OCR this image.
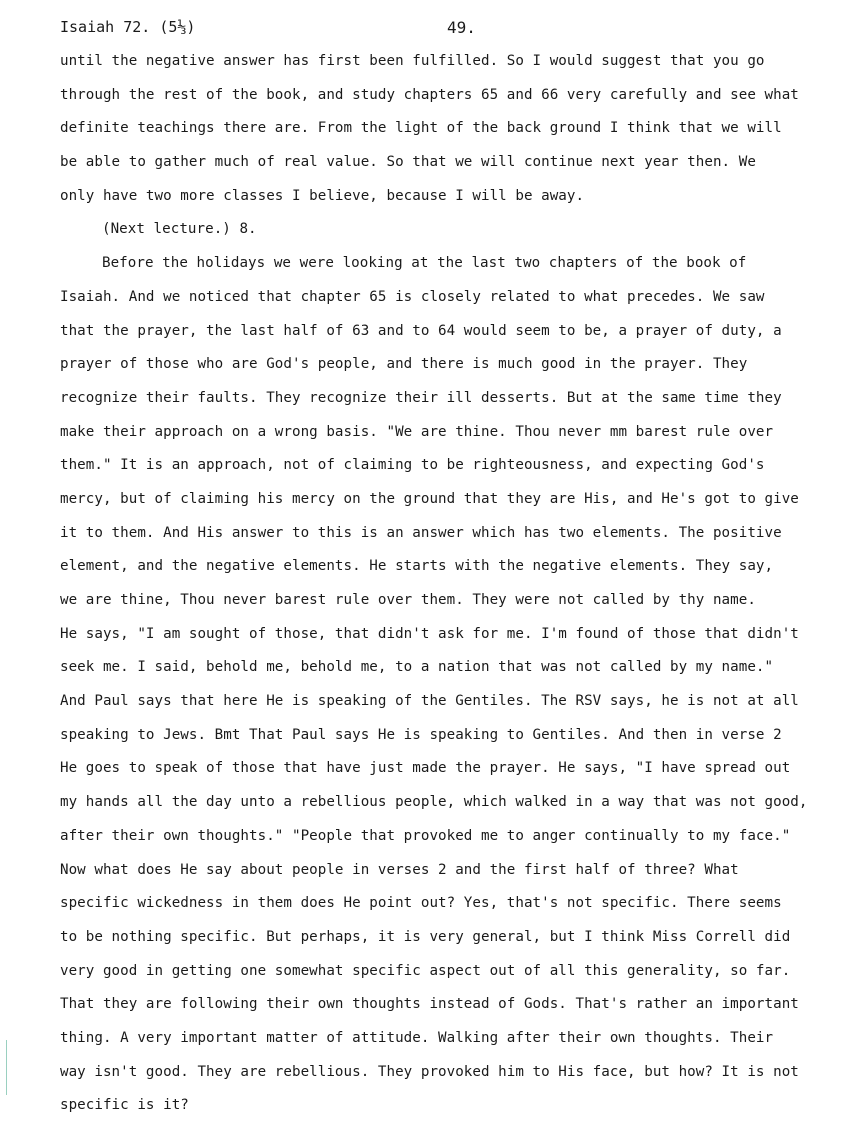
Isaiah 72. (5⅓)	49.
until the negative answer has first been fulfilled. So I would suggest that you go
through the rest of the book, and study chapters 65 and 66 very carefully and see what
definite teachings there are. From the light of the back ground I think that we will
be able to gather much of real value. So that we will continue next year then. We
only have two more classes I believe, because I will be away.
(Next lecture.) 8.
Before the holidays we were looking at the last two chapters of the book of
Isaiah. And we noticed that chapter 65 is closely related to what precedes. We saw
that the prayer, the last half of 63 and to 64 would seem to be, a prayer of duty, a
prayer of those who are God's people, and there is much good in the prayer. They
recognize their faults. They recognize their ill desserts. But at the same time they
make their approach on a wrong basis. "We are thine. Thou never mm barest rule over
them." It is an approach, not of claiming to be righteousness, and expecting God's
mercy, but of claiming his mercy on the ground that they are His, and He's got to give
it to them. And His answer to this is an answer which has two elements. The positive
element, and the negative elements. He starts with the negative elements. They say,
we are thine, Thou never barest rule over them. They were not called by thy name.
He says, "I am sought of those, that didn't ask for me. I'm found of those that didn't
seek me. I said, behold me, behold me, to a nation that was not called by my name."
And Paul says that here He is speaking of the Gentiles. The RSV says, he is not at all
speaking to Jews. Bmt That Paul says He is speaking to Gentiles. And then in verse 2
He goes to speak of those that have just made the prayer. He says, "I have spread out
my hands all the day unto a rebellious people, which walked in a way that was not good,
after their own thoughts." "People that provoked me to anger continually to my face."
Now what does He say about people in verses 2 and the first half of three? What
specific wickedness in them does He point out? Yes, that's not specific. There seems
to be nothing specific. But perhaps, it is very general, but I think Miss Correll did
very good in getting one somewhat specific aspect out of all this generality, so far.
That they are following their own thoughts instead of Gods. That's rather an important
thing. A very important matter of attitude. Walking after their own thoughts. Their
way isn't good. They are rebellious. They provoked him to His face, but how? It is not
specific is it?
